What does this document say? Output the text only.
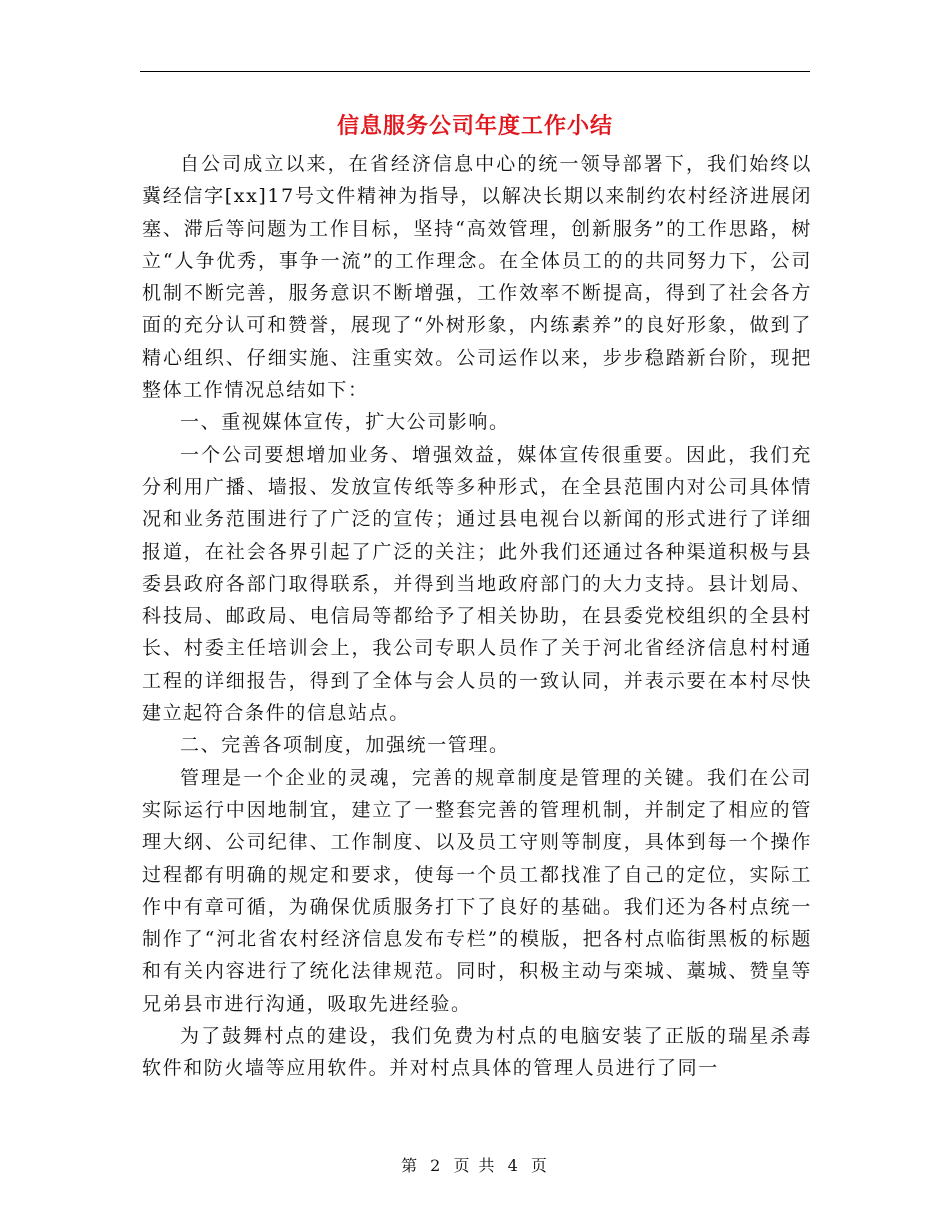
信息服务公司年度工作小结

自公司成立以来，在省经济信息中心的统一领导部署下，我们始终以冀经信字[xx]17号文件精神为指导，以解决长期以来制约农村经济进展闭塞、滞后等问题为工作目标，坚持“高效管理，创新服务”的工作思路，树立“人争优秀，事争一流”的工作理念。在全体员工的的共同努力下，公司机制不断完善，服务意识不断增强，工作效率不断提高，得到了社会各方面的充分认可和赞誉，展现了“外树形象，内练素养”的良好形象，做到了精心组织、仔细实施、注重实效。公司运作以来，步步稳踏新台阶，现把整体工作情况总结如下：

一、重视媒体宣传，扩大公司影响。

一个公司要想增加业务、增强效益，媒体宣传很重要。因此，我们充分利用广播、墙报、发放宣传纸等多种形式，在全县范围内对公司具体情况和业务范围进行了广泛的宣传；通过县电视台以新闻的形式进行了详细报道，在社会各界引起了广泛的关注；此外我们还通过各种渠道积极与县委县政府各部门取得联系，并得到当地政府部门的大力支持。县计划局、科技局、邮政局、电信局等都给予了相关协助，在县委党校组织的全县村长、村委主任培训会上，我公司专职人员作了关于河北省经济信息村村通工程的详细报告，得到了全体与会人员的一致认同，并表示要在本村尽快建立起符合条件的信息站点。

二、完善各项制度，加强统一管理。

管理是一个企业的灵魂，完善的规章制度是管理的关键。我们在公司实际运行中因地制宜，建立了一整套完善的管理机制，并制定了相应的管理大纲、公司纪律、工作制度、以及员工守则等制度，具体到每一个操作过程都有明确的规定和要求，使每一个员工都找准了自己的定位，实际工作中有章可循，为确保优质服务打下了良好的基础。我们还为各村点统一制作了“河北省农村经济信息发布专栏”的模版，把各村点临街黑板的标题和有关内容进行了统化法律规范。同时，积极主动与栾城、藁城、赞皇等兄弟县市进行沟通，吸取先进经验。

为了鼓舞村点的建设，我们免费为村点的电脑安装了正版的瑞星杀毒软件和防火墙等应用软件。并对村点具体的管理人员进行了同一

第 2 页 共 4 页
